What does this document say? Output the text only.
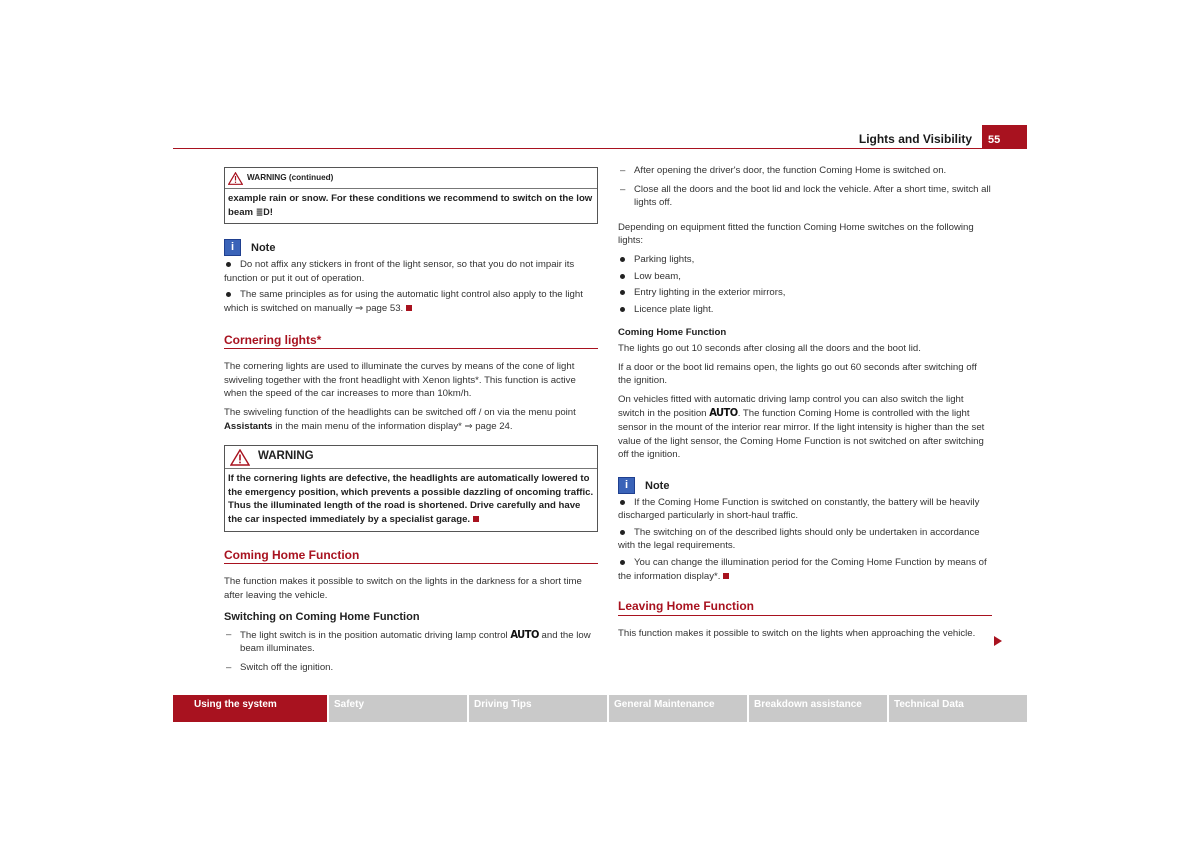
Lights and Visibility	55
WARNING (continued)
example rain or snow. For these conditions we recommend to switch on the low beam ≣D!
i	Note

Do not affix any stickers in front of the light sensor, so that you do not impair its function or put it out of operation.

The same principles as for using the automatic light control also apply to the light which is switched on manually ⇒ page 53.

Cornering lights*

The cornering lights are used to illuminate the curves by means of the cone of light swiveling together with the front headlight with Xenon lights*. This function is active when the speed of the car increases to more than 10km/h.

The swiveling function of the headlights can be switched off / on via the menu point Assistants in the main menu of the information display* ⇒ page 24.

WARNING
If the cornering lights are defective, the headlights are automatically lowered to the emergency position, which prevents a possible dazzling of oncoming traffic. Thus the illuminated length of the road is shortened. Drive carefully and have the car inspected immediately by a specialist garage.
Coming Home Function

The function makes it possible to switch on the lights in the darkness for a short time after leaving the vehicle.

Switching on Coming Home Function

– The light switch is in the position automatic driving lamp control AUTO and the low beam illuminates.

– Switch off the ignition.

– After opening the driver's door, the function Coming Home is switched on.

– Close all the doors and the boot lid and lock the vehicle. After a short time, switch all lights off.

Depending on equipment fitted the function Coming Home switches on the following lights:

Parking lights,

Low beam,

Entry lighting in the exterior mirrors,

Licence plate light.

Coming Home Function

The lights go out 10 seconds after closing all the doors and the boot lid.

If a door or the boot lid remains open, the lights go out 60 seconds after switching off the ignition.

On vehicles fitted with automatic driving lamp control you can also switch the light switch in the position AUTO. The function Coming Home is controlled with the light sensor in the mount of the interior rear mirror. If the light intensity is higher than the set value of the light sensor, the Coming Home Function is not switched on after switching off the ignition.

i	Note

If the Coming Home Function is switched on constantly, the battery will be heavily discharged particularly in short-haul traffic.

The switching on of the described lights should only be undertaken in accordance with the legal requirements.

You can change the illumination period for the Coming Home Function by means of the information display*.

Leaving Home Function

This function makes it possible to switch on the lights when approaching the vehicle.

Using the system	Safety	Driving Tips	General Maintenance	Breakdown assistance	Technical Data
